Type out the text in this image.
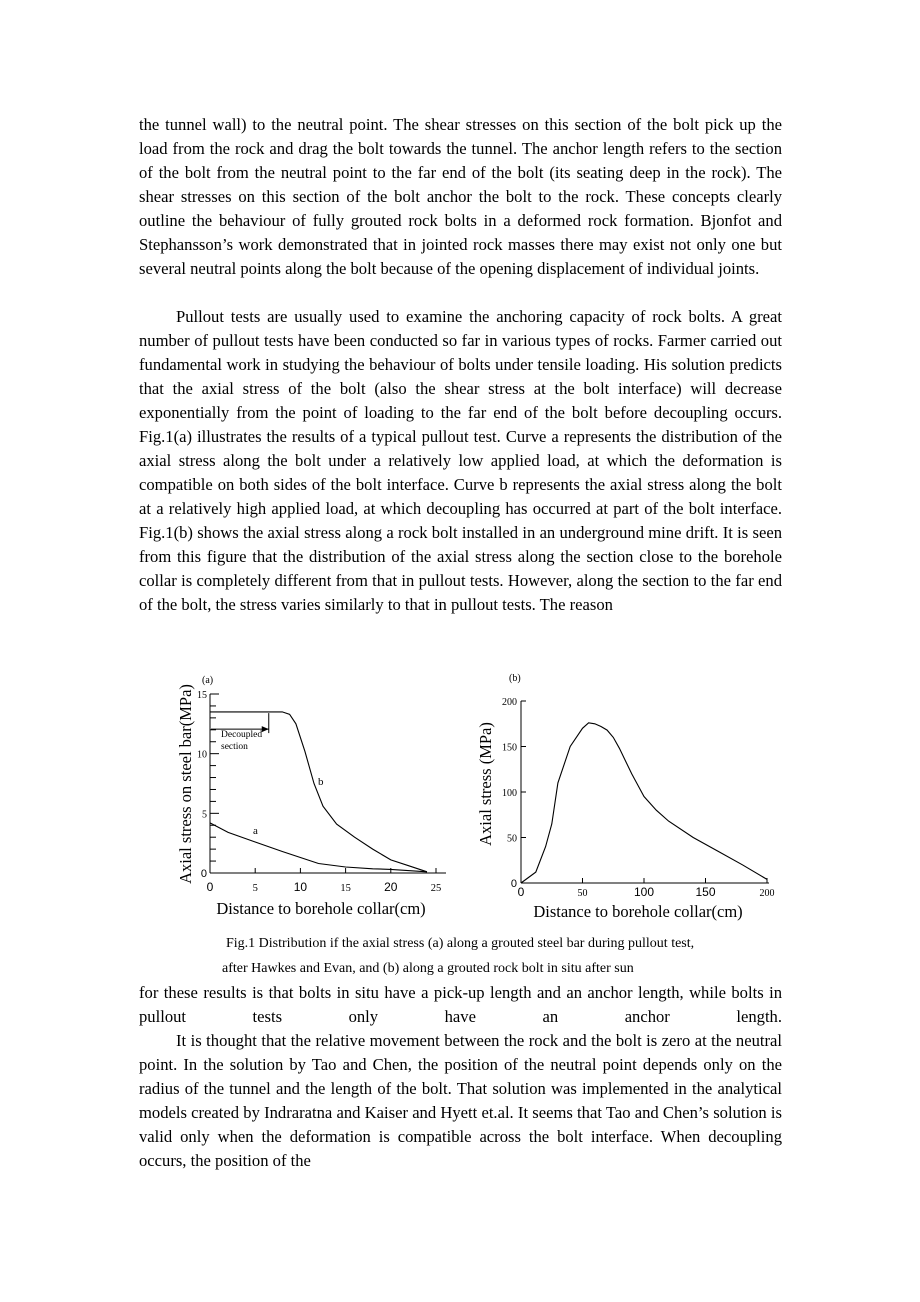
the tunnel wall) to the neutral point. The shear stresses on this section of the bolt pick up the load from the rock and drag the bolt towards the tunnel. The anchor length refers to the section of the bolt from the neutral point to the far end of the bolt (its seating deep in the rock). The shear stresses on this section of the bolt anchor the bolt to the rock. These concepts clearly outline the behaviour of fully grouted rock bolts in a deformed rock formation. Bjonfot and Stephansson’s work demonstrated that in jointed rock masses there may exist not only one but several neutral points along the bolt because of the opening displacement of individual joints.

Pullout tests are usually used to examine the anchoring capacity of rock bolts. A great number of pullout tests have been conducted so far in various types of rocks. Farmer carried out fundamental work in studying the behaviour of bolts under tensile loading. His solution predicts that the axial stress of the bolt (also the shear stress at the bolt interface) will decrease exponentially from the point of loading to the far end of the bolt before decoupling occurs. Fig.1(a) illustrates the results of a typical pullout test. Curve a represents the distribution of the axial stress along the bolt under a relatively low applied load, at which the deformation is compatible on both sides of the bolt interface. Curve b represents the axial stress along the bolt at a relatively high applied load, at which decoupling has occurred at part of the bolt interface. Fig.1(b) shows the axial stress along a rock bolt installed in an underground mine drift. It is seen from this figure that the distribution of the axial stress along the section close to the borehole collar is completely different from that in pullout tests. However, along the section to the far end of the bolt, the stress varies similarly to that in pullout tests. The reason

(a)
0
5
10
15
0	5	10	15	20	25
a
b
Decoupled
section
Axial stress on steel bar(MPa)
Distance to borehole collar(cm)
(b)
0
50
100
150
200
0	50	100	150	200
Axial stress (MPa)
Distance to borehole collar(cm)

Fig.1 Distribution if the axial stress (a) along a grouted steel bar during pullout test,

after Hawkes and Evan, and (b) along a grouted rock bolt in situ after sun

for these results is that bolts in situ have a pick-up length and an anchor length, while bolts in pullout tests only have an anchor length.

It is thought that the relative movement between the rock and the bolt is zero at the neutral point. In the solution by Tao and Chen, the position of the neutral point depends only on the radius of the tunnel and the length of the bolt. That solution was implemented in the analytical models created by Indraratna and Kaiser and Hyett et.al. It seems that Tao and Chen’s solution is valid only when the deformation is compatible across the bolt interface. When decoupling occurs, the position of the
